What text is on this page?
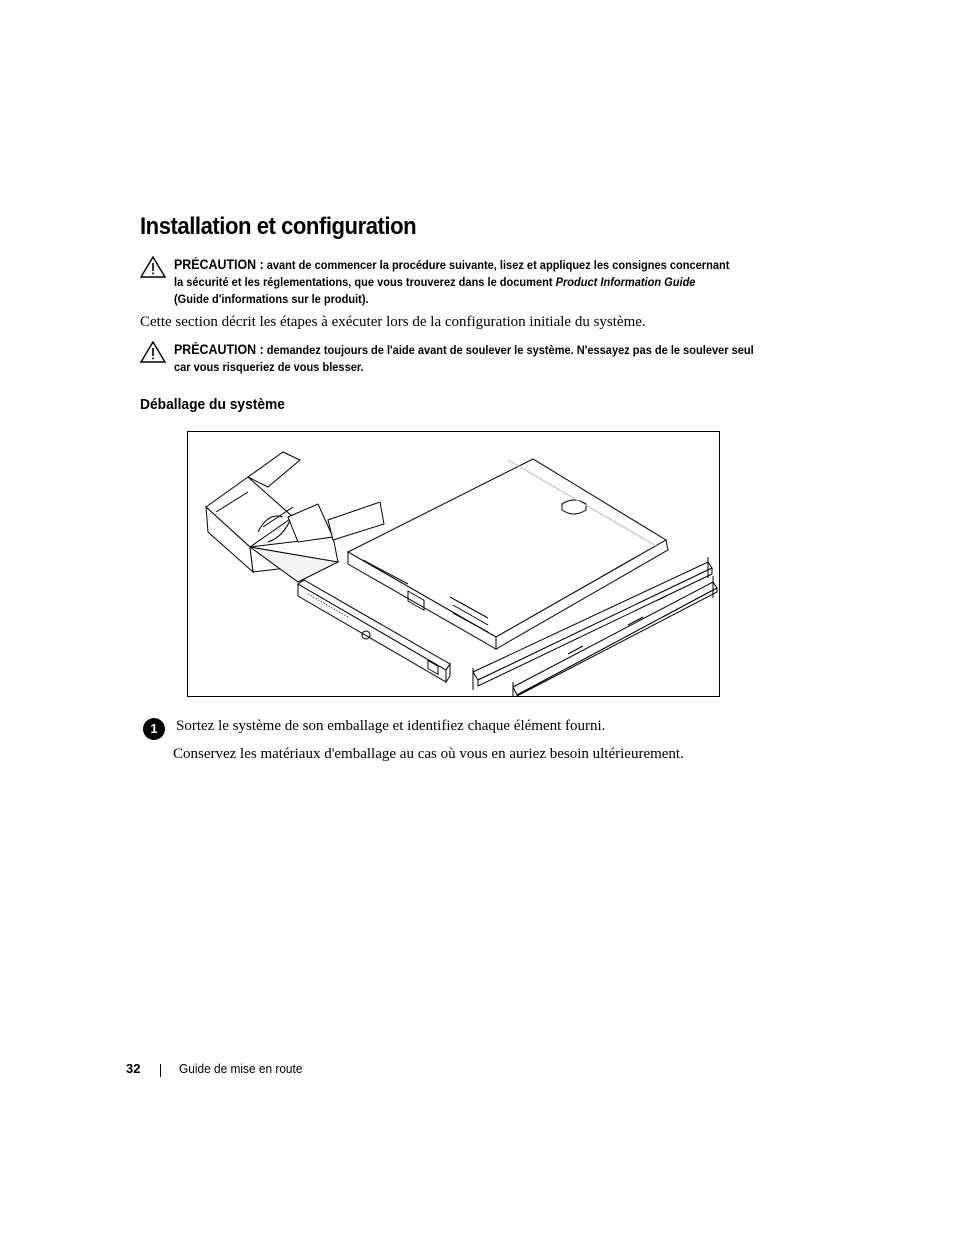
Installation et configuration
PRÉCAUTION : avant de commencer la procédure suivante, lisez et appliquez les consignes concernant
la sécurité et les réglementations, que vous trouverez dans le document Product Information Guide
(Guide d'informations sur le produit).
Cette section décrit les étapes à exécuter lors de la configuration initiale du système.
PRÉCAUTION : demandez toujours de l'aide avant de soulever le système. N'essayez pas de le soulever seul
car vous risqueriez de vous blesser.
Déballage du système
1	Sortez le système de son emballage et identifiez chaque élément fourni.
Conservez les matériaux d'emballage au cas où vous en auriez besoin ultérieurement.
32	Guide de mise en route
